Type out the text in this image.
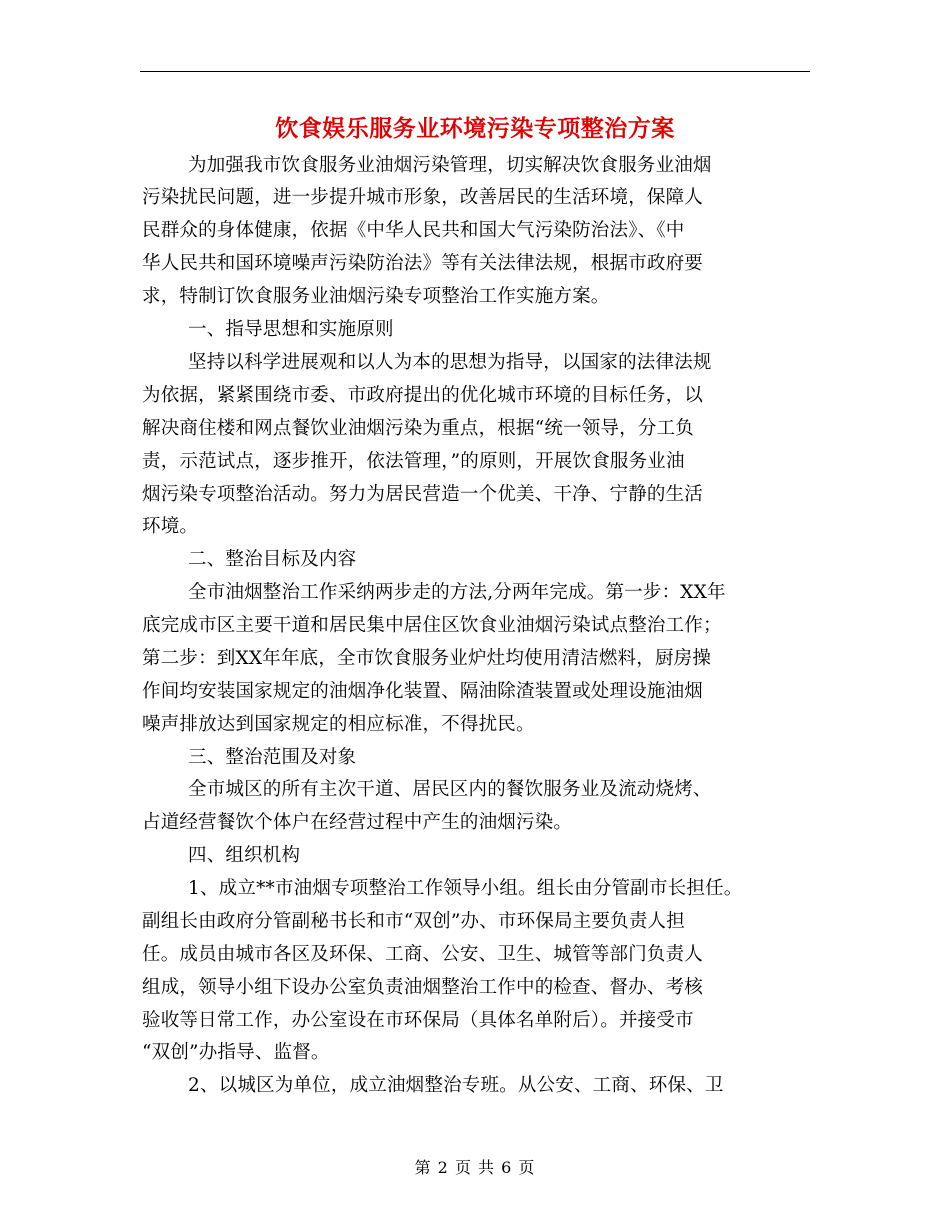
饮食娱乐服务业环境污染专项整治方案
为加强我市饮食服务业油烟污染管理，切实解决饮食服务业油烟
污染扰民问题，进一步提升城市形象，改善居民的生活环境，保障人
民群众的身体健康，依据《中华人民共和国大气污染防治法》、《中
华人民共和国环境噪声污染防治法》等有关法律法规，根据市政府要
求，特制订饮食服务业油烟污染专项整治工作实施方案。
一、指导思想和实施原则
坚持以科学进展观和以人为本的思想为指导，以国家的法律法规
为依据，紧紧围绕市委、市政府提出的优化城市环境的目标任务，以
解决商住楼和网点餐饮业油烟污染为重点，根据“统一领导，分工负
责，示范试点，逐步推开，依法管理，”的原则，开展饮食服务业油
烟污染专项整治活动。努力为居民营造一个优美、干净、宁静的生活
环境。
二、整治目标及内容
全市油烟整治工作采纳两步走的方法,分两年完成。第一步：XX年
底完成市区主要干道和居民集中居住区饮食业油烟污染试点整治工作；
第二步：到XX年年底，全市饮食服务业炉灶均使用清洁燃料，厨房操
作间均安装国家规定的油烟净化装置、隔油除渣装置或处理设施油烟
噪声排放达到国家规定的相应标准，不得扰民。
三、整治范围及对象
全市城区的所有主次干道、居民区内的餐饮服务业及流动烧烤、
占道经营餐饮个体户在经营过程中产生的油烟污染。
四、组织机构
1、成立**市油烟专项整治工作领导小组。组长由分管副市长担任。
副组长由政府分管副秘书长和市“双创”办、市环保局主要负责人担
任。成员由城市各区及环保、工商、公安、卫生、城管等部门负责人
组成，领导小组下设办公室负责油烟整治工作中的检查、督办、考核
验收等日常工作，办公室设在市环保局（具体名单附后）。并接受市
“双创”办指导、监督。
2、以城区为单位，成立油烟整治专班。从公安、工商、环保、卫
第 2 页 共 6 页
